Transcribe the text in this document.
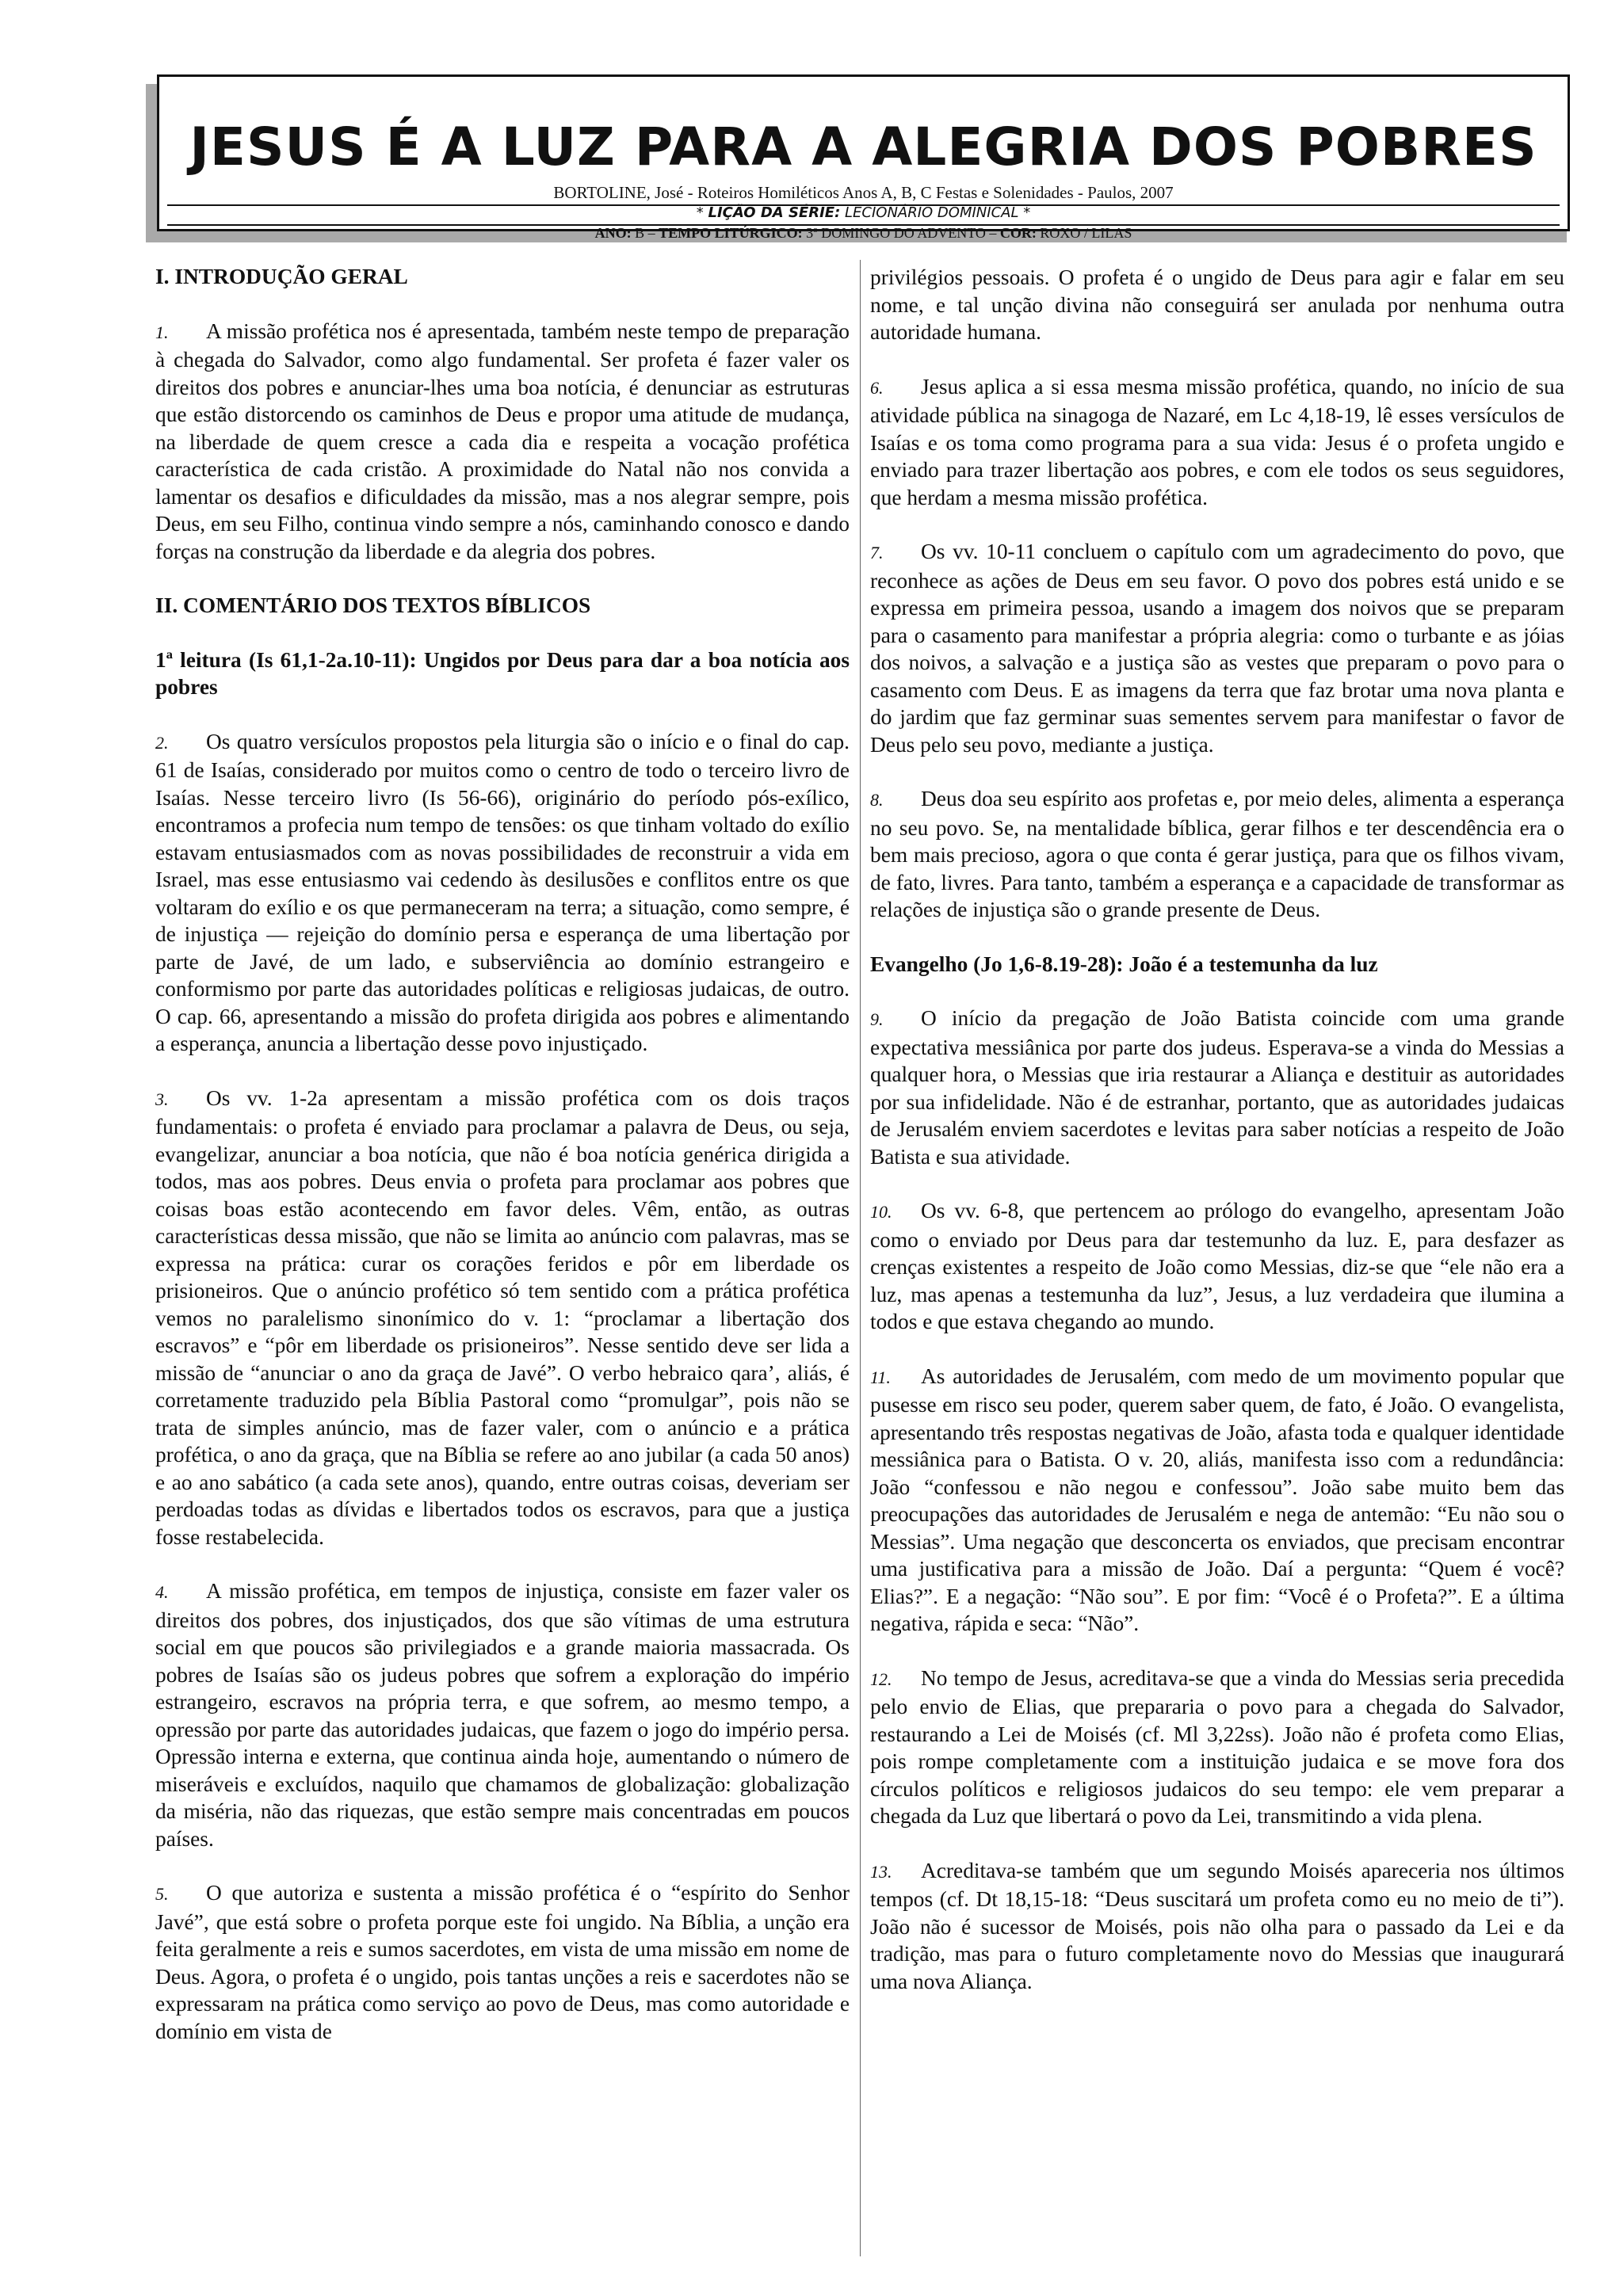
JESUS É A LUZ PARA A ALEGRIA DOS POBRES
BORTOLINE, José - Roteiros Homiléticos Anos A, B, C Festas e Solenidades - Paulos, 2007
* LIÇÃO DA SÉRIE: LECIONÁRIO DOMINICAL *
ANO: B – TEMPO LITÚRGICO: 3º DOMINGO DO ADVENTO – COR: ROXO / LILAS
I. INTRODUÇÃO GERAL

1. A missão profética nos é apresentada, também neste tempo de preparação à chegada do Salvador, como algo fundamental. Ser profeta é fazer valer os direitos dos pobres e anunciar-lhes uma boa notícia, é denunciar as estruturas que estão distorcendo os caminhos de Deus e propor uma atitude de mudança, na liberdade de quem cresce a cada dia e respeita a vocação profética característica de cada cristão. A proximidade do Natal não nos convida a lamentar os desafios e dificuldades da missão, mas a nos alegrar sempre, pois Deus, em seu Filho, continua vindo sempre a nós, caminhando conosco e dando forças na construção da liberdade e da alegria dos pobres.

II. COMENTÁRIO DOS TEXTOS BÍBLICOS
1ª leitura (Is 61,1-2a.10-11): Ungidos por Deus para dar a boa notícia aos pobres

2. Os quatro versículos propostos pela liturgia são o início e o final do cap. 61 de Isaías, considerado por muitos como o centro de todo o terceiro livro de Isaías. Nesse terceiro livro (Is 56-66), originário do período pós-exílico, encontramos a profecia num tempo de tensões: os que tinham voltado do exílio estavam entusiasmados com as novas possibilidades de reconstruir a vida em Israel, mas esse entusiasmo vai cedendo às desilusões e conflitos entre os que voltaram do exílio e os que permaneceram na terra; a situação, como sempre, é de injustiça — rejeição do domínio persa e esperança de uma libertação por parte de Javé, de um lado, e subserviência ao domínio estrangeiro e conformismo por parte das autoridades políticas e religiosas judaicas, de outro. O cap. 66, apresentando a missão do profeta dirigida aos pobres e alimentando a esperança, anuncia a libertação desse povo injustiçado.

3. Os vv. 1-2a apresentam a missão profética com os dois traços fundamentais: o profeta é enviado para proclamar a palavra de Deus, ou seja, evangelizar, anunciar a boa notícia, que não é boa notícia genérica dirigida a todos, mas aos pobres. Deus envia o profeta para proclamar aos pobres que coisas boas estão acontecendo em favor deles. Vêm, então, as outras características dessa missão, que não se limita ao anúncio com palavras, mas se expressa na prática: curar os corações feridos e pôr em liberdade os prisioneiros. Que o anúncio profético só tem sentido com a prática profética vemos no paralelismo sinonímico do v. 1: “proclamar a libertação dos escravos” e “pôr em liberdade os prisioneiros”. Nesse sentido deve ser lida a missão de “anunciar o ano da graça de Javé”. O verbo hebraico qara’, aliás, é corretamente traduzido pela Bíblia Pastoral como “promulgar”, pois não se trata de simples anúncio, mas de fazer valer, com o anúncio e a prática profética, o ano da graça, que na Bíblia se refere ao ano jubilar (a cada 50 anos) e ao ano sabático (a cada sete anos), quando, entre outras coisas, deveriam ser perdoadas todas as dívidas e libertados todos os escravos, para que a justiça fosse restabelecida.

4. A missão profética, em tempos de injustiça, consiste em fazer valer os direitos dos pobres, dos injustiçados, dos que são vítimas de uma estrutura social em que poucos são privilegiados e a grande maioria massacrada. Os pobres de Isaías são os judeus pobres que sofrem a exploração do império estrangeiro, escravos na própria terra, e que sofrem, ao mesmo tempo, a opressão por parte das autoridades judaicas, que fazem o jogo do império persa. Opressão interna e externa, que continua ainda hoje, aumentando o número de miseráveis e excluídos, naquilo que chamamos de globalização: globalização da miséria, não das riquezas, que estão sempre mais concentradas em poucos países.

5. O que autoriza e sustenta a missão profética é o “espírito do Senhor Javé”, que está sobre o profeta porque este foi ungido. Na Bíblia, a unção era feita geralmente a reis e sumos sacerdotes, em vista de uma missão em nome de Deus. Agora, o profeta é o ungido, pois tantas unções a reis e sacerdotes não se expressaram na prática como serviço ao povo de Deus, mas como autoridade e domínio em vista de

privilégios pessoais. O profeta é o ungido de Deus para agir e falar em seu nome, e tal unção divina não conseguirá ser anulada por nenhuma outra autoridade humana.

6. Jesus aplica a si essa mesma missão profética, quando, no início de sua atividade pública na sinagoga de Nazaré, em Lc 4,18-19, lê esses versículos de Isaías e os toma como programa para a sua vida: Jesus é o profeta ungido e enviado para trazer libertação aos pobres, e com ele todos os seus seguidores, que herdam a mesma missão profética.

7. Os vv. 10-11 concluem o capítulo com um agradecimento do povo, que reconhece as ações de Deus em seu favor. O povo dos pobres está unido e se expressa em primeira pessoa, usando a imagem dos noivos que se preparam para o casamento para manifestar a própria alegria: como o turbante e as jóias dos noivos, a salvação e a justiça são as vestes que preparam o povo para o casamento com Deus. E as imagens da terra que faz brotar uma nova planta e do jardim que faz germinar suas sementes servem para manifestar o favor de Deus pelo seu povo, mediante a justiça.

8. Deus doa seu espírito aos profetas e, por meio deles, alimenta a esperança no seu povo. Se, na mentalidade bíblica, gerar filhos e ter descendência era o bem mais precioso, agora o que conta é gerar justiça, para que os filhos vivam, de fato, livres. Para tanto, também a esperança e a capacidade de transformar as relações de injustiça são o grande presente de Deus.

Evangelho (Jo 1,6-8.19-28): João é a testemunha da luz

9. O início da pregação de João Batista coincide com uma grande expectativa messiânica por parte dos judeus. Esperava-se a vinda do Messias a qualquer hora, o Messias que iria restaurar a Aliança e destituir as autoridades por sua infidelidade. Não é de estranhar, portanto, que as autoridades judaicas de Jerusalém enviem sacerdotes e levitas para saber notícias a respeito de João Batista e sua atividade.

10. Os vv. 6-8, que pertencem ao prólogo do evangelho, apresentam João como o enviado por Deus para dar testemunho da luz. E, para desfazer as crenças existentes a respeito de João como Messias, diz-se que “ele não era a luz, mas apenas a testemunha da luz”, Jesus, a luz verdadeira que ilumina a todos e que estava chegando ao mundo.

11. As autoridades de Jerusalém, com medo de um movimento popular que pusesse em risco seu poder, querem saber quem, de fato, é João. O evangelista, apresentando três respostas negativas de João, afasta toda e qualquer identidade messiânica para o Batista. O v. 20, aliás, manifesta isso com a redundância: João “confessou e não negou e confessou”. João sabe muito bem das preocupações das autoridades de Jerusalém e nega de antemão: “Eu não sou o Messias”. Uma negação que desconcerta os enviados, que precisam encontrar uma justificativa para a missão de João. Daí a pergunta: “Quem é você? Elias?”. E a negação: “Não sou”. E por fim: “Você é o Profeta?”. E a última negativa, rápida e seca: “Não”.

12. No tempo de Jesus, acreditava-se que a vinda do Messias seria precedida pelo envio de Elias, que prepararia o povo para a chegada do Salvador, restaurando a Lei de Moisés (cf. Ml 3,22ss). João não é profeta como Elias, pois rompe completamente com a instituição judaica e se move fora dos círculos políticos e religiosos judaicos do seu tempo: ele vem preparar a chegada da Luz que libertará o povo da Lei, transmitindo a vida plena.

13. Acreditava-se também que um segundo Moisés apareceria nos últimos tempos (cf. Dt 18,15-18: “Deus suscitará um profeta como eu no meio de ti”). João não é sucessor de Moisés, pois não olha para o passado da Lei e da tradição, mas para o futuro completamente novo do Messias que inaugurará uma nova Aliança.
